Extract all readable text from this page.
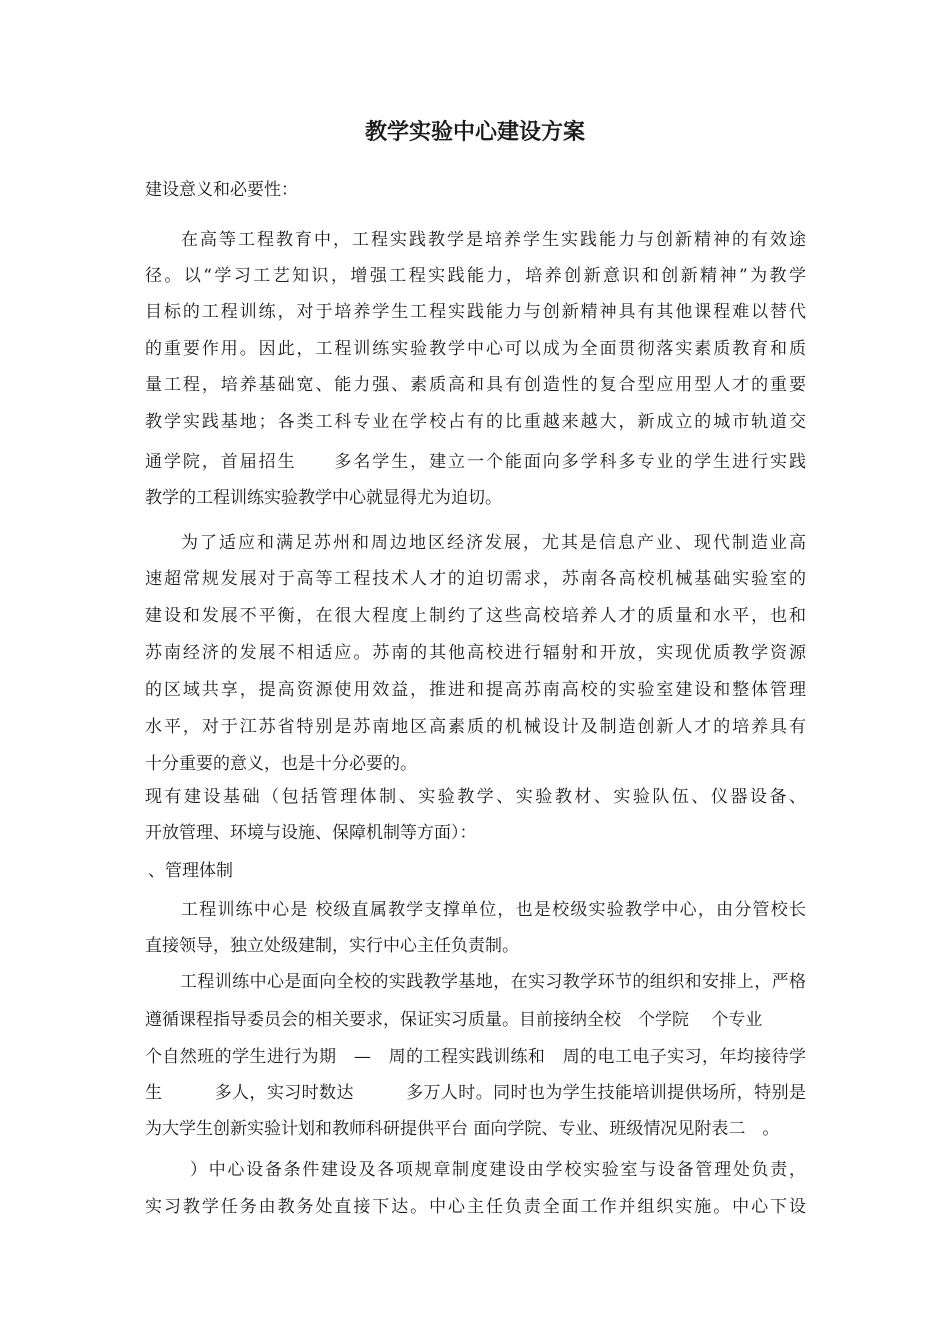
教学实验中心建设方案
建设意义和必要性：
在高等工程教育中，工程实践教学是培养学生实践能力与创新精神的有效途
径。以“学习工艺知识，增强工程实践能力，培养创新意识和创新精神”为教学
目标的工程训练，对于培养学生工程实践能力与创新精神具有其他课程难以替代
的重要作用。因此，工程训练实验教学中心可以成为全面贯彻落实素质教育和质
量工程，培养基础宽、能力强、素质高和具有创造性的复合型应用型人才的重要
教学实践基地；各类工科专业在学校占有的比重越来越大，新成立的城市轨道交
通学院，首届招生　　多名学生，建立一个能面向多学科多专业的学生进行实践
教学的工程训练实验教学中心就显得尤为迫切。
为了适应和满足苏州和周边地区经济发展，尤其是信息产业、现代制造业高
速超常规发展对于高等工程技术人才的迫切需求，苏南各高校机械基础实验室的
建设和发展不平衡，在很大程度上制约了这些高校培养人才的质量和水平，也和
苏南经济的发展不相适应。苏南的其他高校进行辐射和开放，实现优质教学资源
的区域共享，提高资源使用效益，推进和提高苏南高校的实验室建设和整体管理
水平，对于江苏省特别是苏南地区高素质的机械设计及制造创新人才的培养具有
十分重要的意义，也是十分必要的。
现有建设基础（包括管理体制、实验教学、实验教材、实验队伍、仪器设备、
开放管理、环境与设施、保障机制等方面）：
、管理体制
工程训练中心是 校级直属教学支撑单位，也是校级实验教学中心，由分管校长
直接领导，独立处级建制，实行中心主任负责制。
工程训练中心是面向全校的实践教学基地，在实习教学环节的组织和安排上，严格
遵循课程指导委员会的相关要求，保证实习质量。目前接纳全校　个学院　 个专业
个自然班的学生进行为期　—　周的工程实践训练和　周的电工电子实习，年均接待学
生　　　多人，实习时数达　　　多万人时。同时也为学生技能培训提供场所，特别是
为大学生创新实验计划和教师科研提供平台 面向学院、专业、班级情况见附表二　。
）中心设备条件建设及各项规章制度建设由学校实验室与设备管理处负责，
实习教学任务由教务处直接下达。中心主任负责全面工作并组织实施。中心下设
